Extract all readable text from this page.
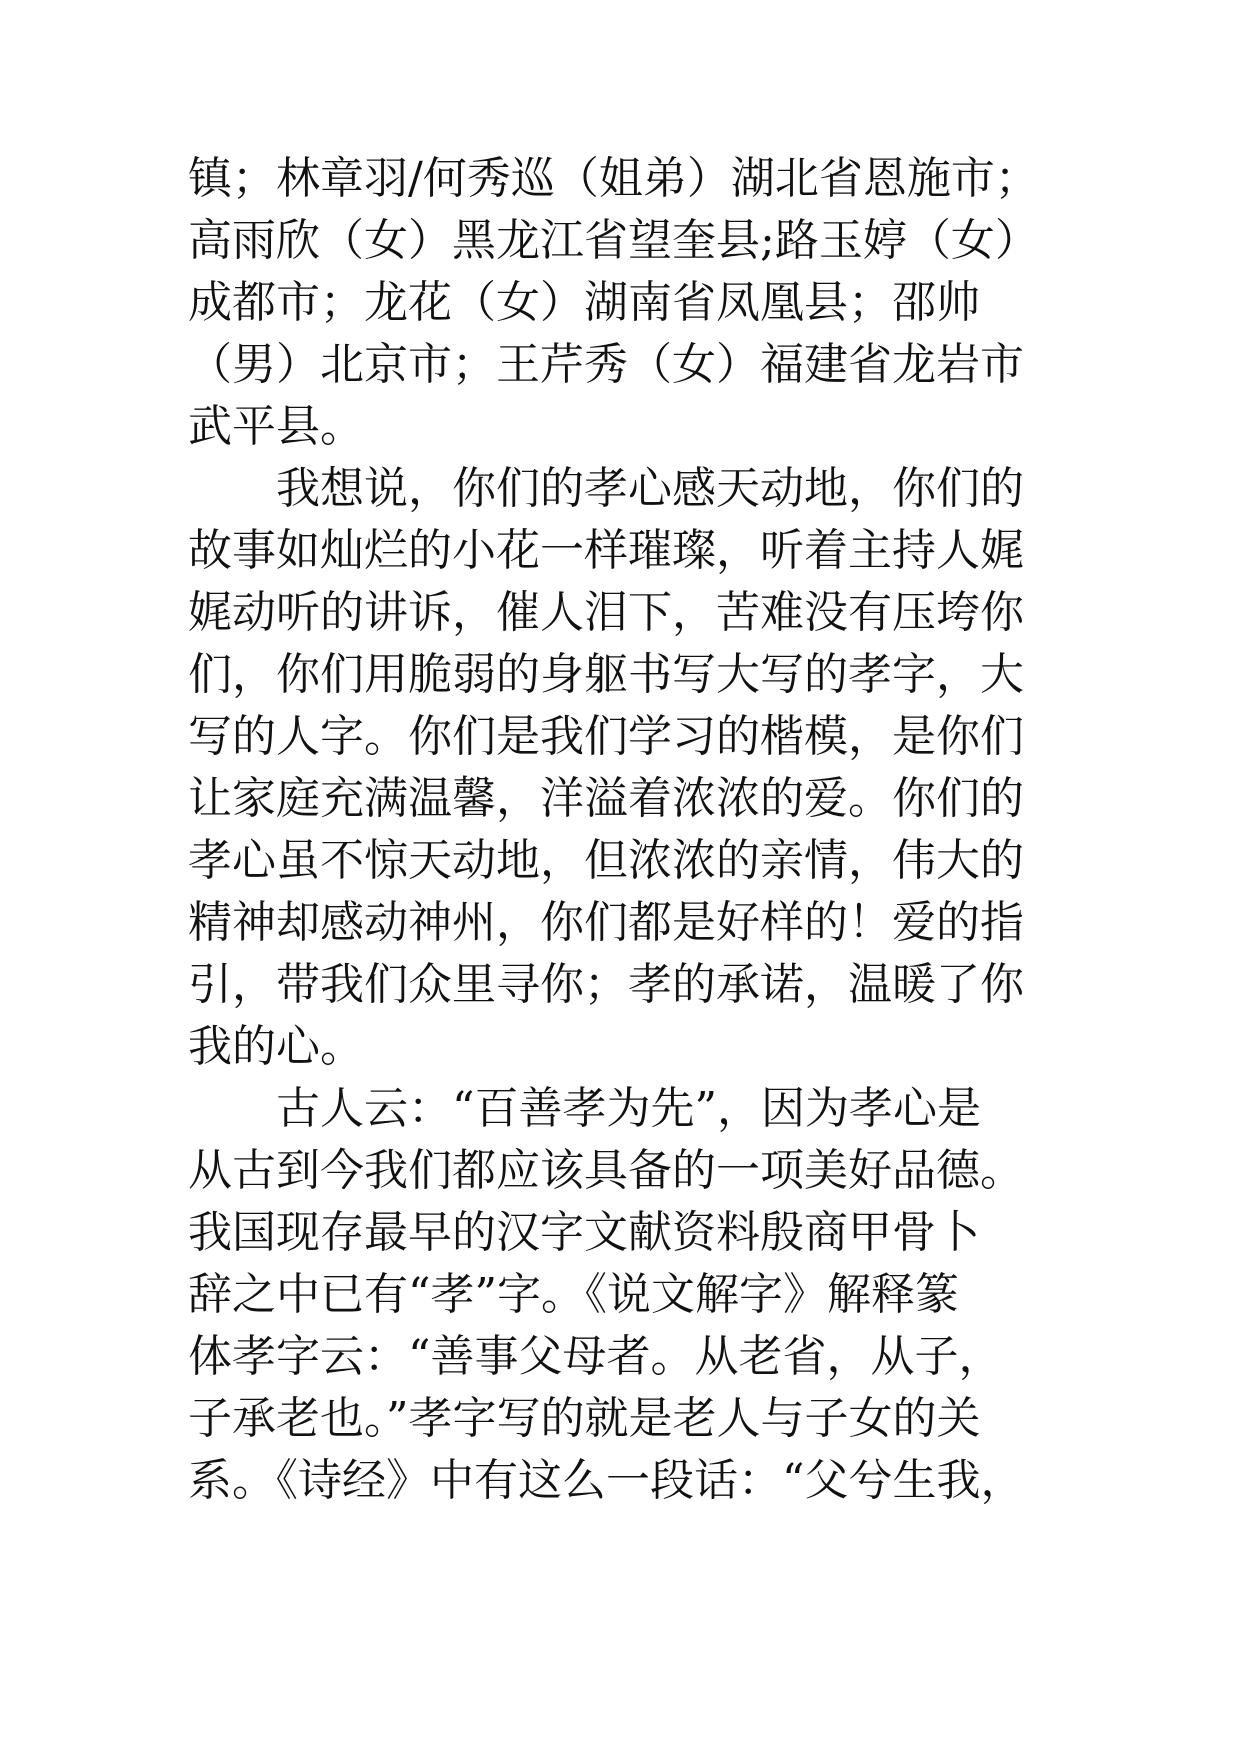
镇；林章羽/何秀巡（姐弟）湖北省恩施市；
高雨欣（女）黑龙江省望奎县;路玉婷（女）
成都市；龙花（女）湖南省凤凰县；邵帅
（男）北京市；王芹秀（女）福建省龙岩市
武平县。
我想说，你们的孝心感天动地，你们的
故事如灿烂的小花一样璀璨，听着主持人娓
娓动听的讲诉，催人泪下，苦难没有压垮你
们，你们用脆弱的身躯书写大写的孝字，大
写的人字。你们是我们学习的楷模，是你们
让家庭充满温馨，洋溢着浓浓的爱。你们的
孝心虽不惊天动地，但浓浓的亲情，伟大的
精神却感动神州，你们都是好样的！爱的指
引，带我们众里寻你；孝的承诺，温暖了你
我的心。
古人云：“百善孝为先”，因为孝心是
从古到今我们都应该具备的一项美好品德。
我国现存最早的汉字文献资料殷商甲骨卜
辞之中已有“孝”字。《说文解字》解释篆
体孝字云：“善事父母者。从老省，从子，
子承老也。”孝字写的就是老人与子女的关
系。《诗经》中有这么一段话：“父兮生我，
